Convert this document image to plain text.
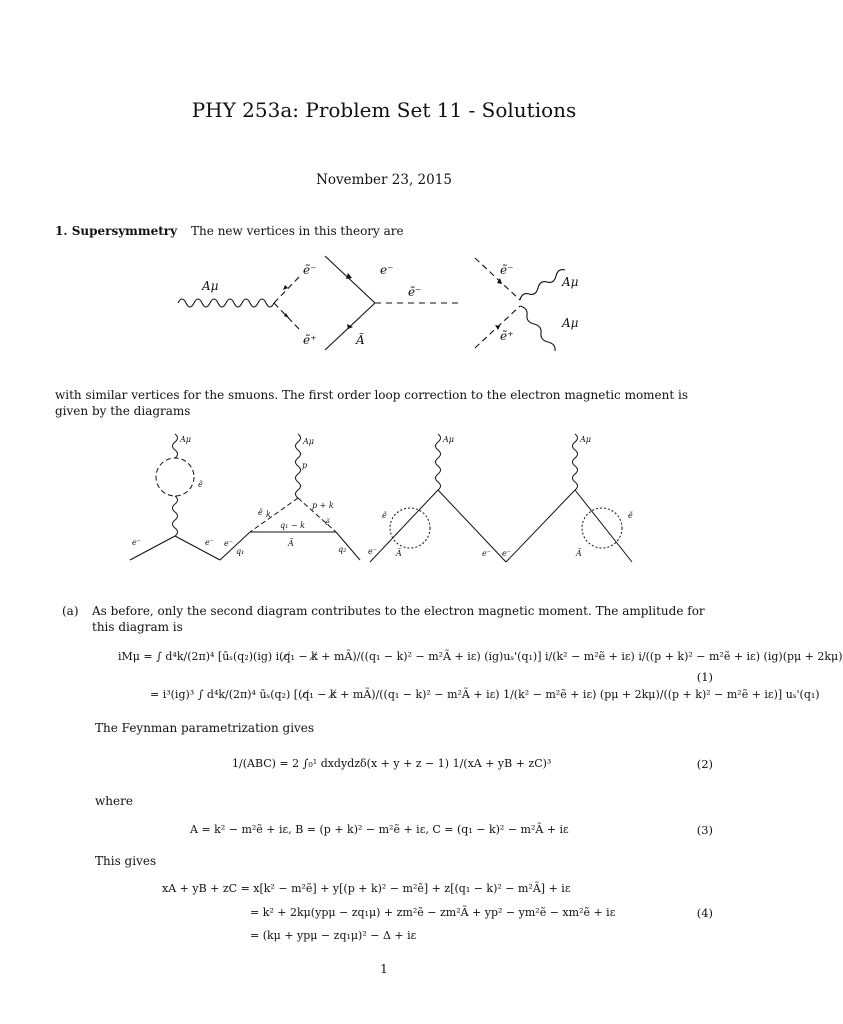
PHY 253a: Problem Set 11 - Solutions
November 23, 2015
1. Supersymmetry The new vertices in this theory are
Aμ
ẽ⁻
ẽ⁺
e⁻
Ã
ẽ⁻
ẽ⁻
ẽ⁺
Aμ
Aμ
with similar vertices for the smuons. The first order loop correction to the electron magnetic moment is given by the diagrams
Aμ
ẽ
e⁻	e⁻
Aμ
p
p + k
ẽ k
ẽ
q₁ − k
Ã
e⁻
q₁	q₂
Aμ
ẽ
e⁻ Ã	e⁻
Aμ
ẽ
e⁻	Ã
(a) As before, only the second diagram contributes to the electron magnetic moment. The amplitude for this diagram is
iMμ = ∫ d⁴k/(2π)⁴ [ūₛ(q₂)(ig) i(q̸₁ − k̸ + mÃ)/((q₁ − k)² − m²Ã + iε) (ig)uₛ'(q₁)] i/(k² − m²ẽ + iε) i/((p + k)² − m²ẽ + iε) (ig)(pμ + 2kμ)
= i³(ig)³ ∫ d⁴k/(2π)⁴ ūₛ(q₂) [(q̸₁ − k̸ + mÃ)/((q₁ − k)² − m²Ã + iε) 1/(k² − m²ẽ + iε) (pμ + 2kμ)/((p + k)² − m²ẽ + iε)] uₛ'(q₁)
(1)
The Feynman parametrization gives
1/(ABC) = 2 ∫₀¹ dxdydzδ(x + y + z − 1) 1/(xA + yB + zC)³	(2)
where
A = k² − m²ẽ + iε, B = (p + k)² − m²ẽ + iε, C = (q₁ − k)² − m²Ã + iε	(3)
This gives
xA + yB + zC = x[k² − m²ẽ] + y[(p + k)² − m²ẽ] + z[(q₁ − k)² − m²Ã] + iε
= k² + 2kμ(ypμ − zq₁μ) + zm²ẽ − zm²Ã + yp² − ym²ẽ − xm²ẽ + iε
= (kμ + ypμ − zq₁μ)² − Δ + iε
(4)
1
